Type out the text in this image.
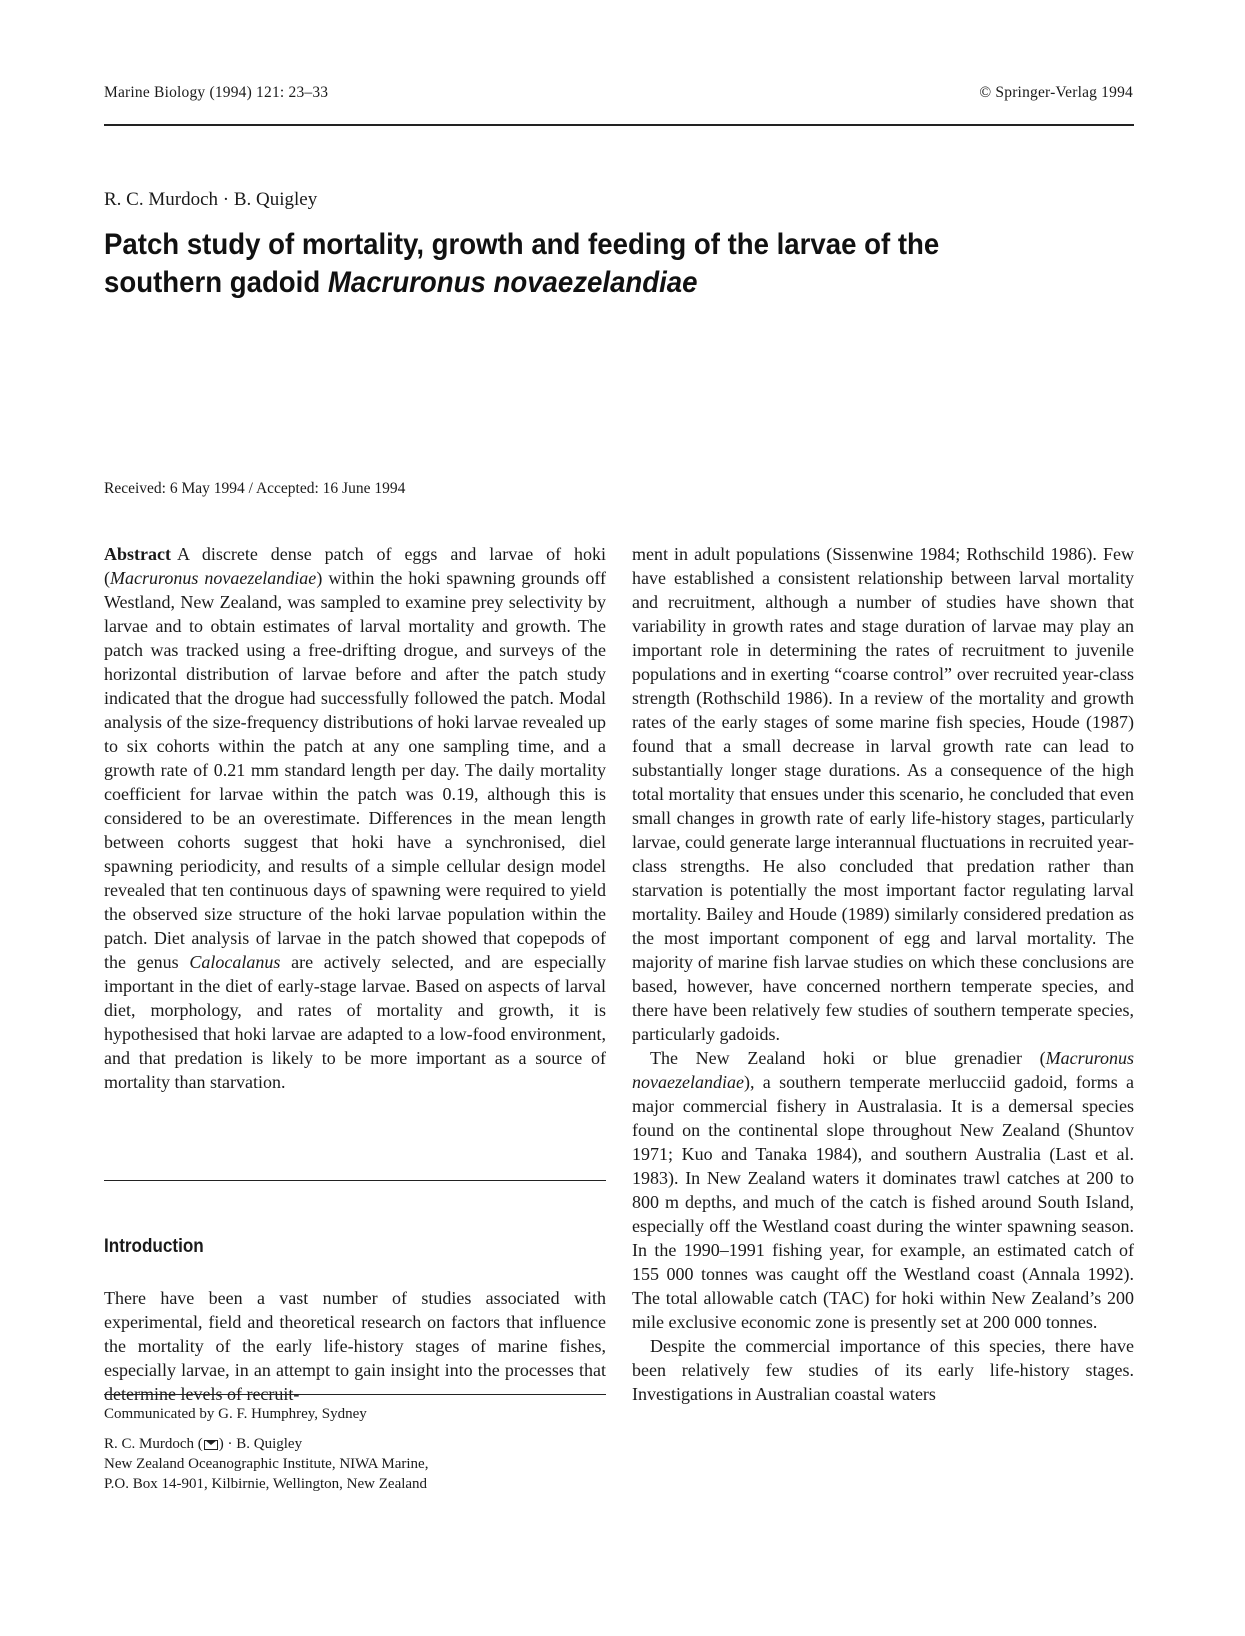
Marine Biology (1994) 121: 23–33	© Springer-Verlag 1994
R. C. Murdoch · B. Quigley
Patch study of mortality, growth and feeding of the larvae of the southern gadoid Macruronus novaezelandiae
Received: 6 May 1994 / Accepted: 16 June 1994

Abstract A discrete dense patch of eggs and larvae of hoki (Macruronus novaezelandiae) within the hoki spawning grounds off Westland, New Zealand, was sampled to examine prey selectivity by larvae and to obtain estimates of larval mortality and growth. The patch was tracked using a free-drifting drogue, and surveys of the horizontal distribution of larvae before and after the patch study indicated that the drogue had successfully followed the patch. Modal analysis of the size-frequency distributions of hoki larvae revealed up to six cohorts within the patch at any one sampling time, and a growth rate of 0.21 mm standard length per day. The daily mortality coefficient for larvae within the patch was 0.19, although this is considered to be an overestimate. Differences in the mean length between cohorts suggest that hoki have a synchronised, diel spawning periodicity, and results of a simple cellular design model revealed that ten continuous days of spawning were required to yield the observed size structure of the hoki larvae population within the patch. Diet analysis of larvae in the patch showed that copepods of the genus Calocalanus are actively selected, and are especially important in the diet of early-stage larvae. Based on aspects of larval diet, morphology, and rates of mortality and growth, it is hypothesised that hoki larvae are adapted to a low-food environment, and that predation is likely to be more important as a source of mortality than starvation.

Introduction

There have been a vast number of studies associated with experimental, field and theoretical research on factors that influence the mortality of the early life-history stages of marine fishes, especially larvae, in an attempt to gain insight into the processes that determine levels of recruit-

Communicated by G. F. Humphrey, Sydney
R. C. Murdoch ( ) · B. Quigley
New Zealand Oceanographic Institute, NIWA Marine,
P.O. Box 14-901, Kilbirnie, Wellington, New Zealand

ment in adult populations (Sissenwine 1984; Rothschild 1986). Few have established a consistent relationship between larval mortality and recruitment, although a number of studies have shown that variability in growth rates and stage duration of larvae may play an important role in determining the rates of recruitment to juvenile populations and in exerting “coarse control” over recruited year-class strength (Rothschild 1986). In a review of the mortality and growth rates of the early stages of some marine fish species, Houde (1987) found that a small decrease in larval growth rate can lead to substantially longer stage durations. As a consequence of the high total mortality that ensues under this scenario, he concluded that even small changes in growth rate of early life-history stages, particularly larvae, could generate large interannual fluctuations in recruited year-class strengths. He also concluded that predation rather than starvation is potentially the most important factor regulating larval mortality. Bailey and Houde (1989) similarly considered predation as the most important component of egg and larval mortality. The majority of marine fish larvae studies on which these conclusions are based, however, have concerned northern temperate species, and there have been relatively few studies of southern temperate species, particularly gadoids.

The New Zealand hoki or blue grenadier (Macruronus novaezelandiae), a southern temperate merlucciid gadoid, forms a major commercial fishery in Australasia. It is a demersal species found on the continental slope throughout New Zealand (Shuntov 1971; Kuo and Tanaka 1984), and southern Australia (Last et al. 1983). In New Zealand waters it dominates trawl catches at 200 to 800 m depths, and much of the catch is fished around South Island, especially off the Westland coast during the winter spawning season. In the 1990–1991 fishing year, for example, an estimated catch of 155 000 tonnes was caught off the Westland coast (Annala 1992). The total allowable catch (TAC) for hoki within New Zealand’s 200 mile exclusive economic zone is presently set at 200 000 tonnes.

Despite the commercial importance of this species, there have been relatively few studies of its early life-history stages. Investigations in Australian coastal waters
